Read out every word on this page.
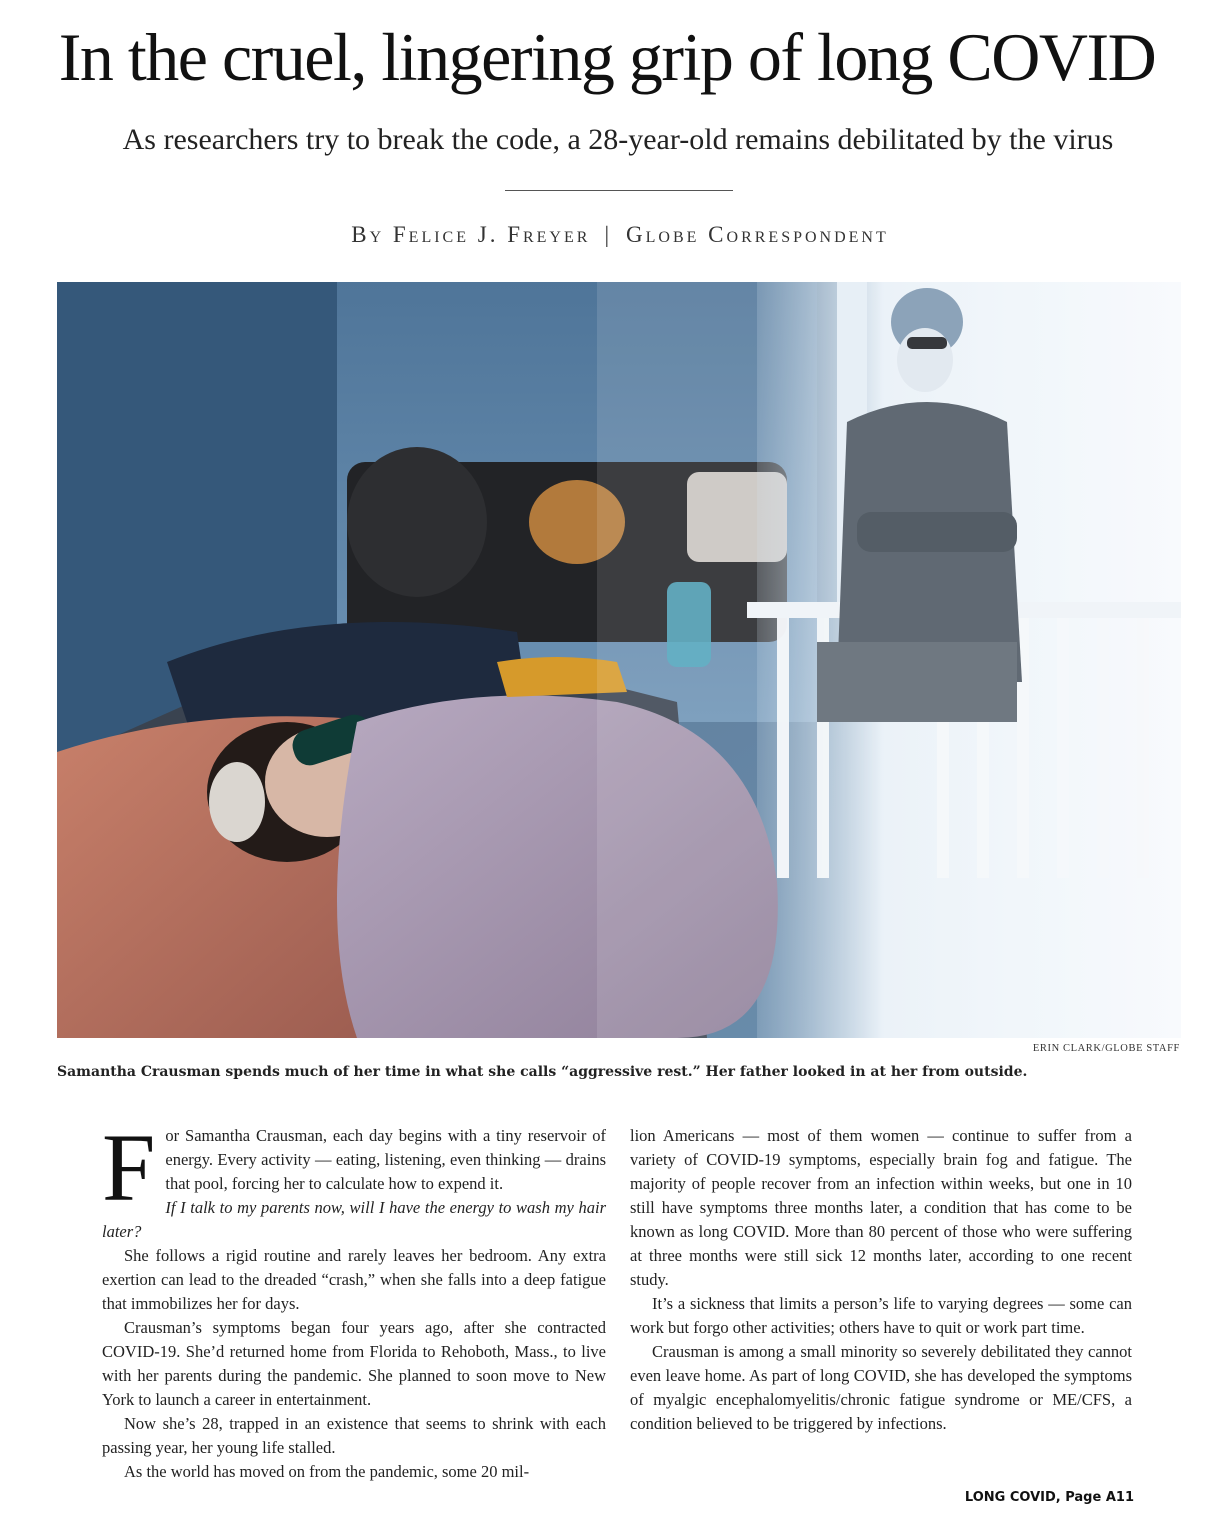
In the cruel, lingering grip of long COVID
As researchers try to break the code, a 28-year-old remains debilitated by the virus
By Felice J. Freyer | Globe Correspondent
ERIN CLARK/GLOBE STAFF
Samantha Crausman spends much of her time in what she calls “aggressive rest.” Her father looked in at her from outside.

For Samantha Crausman, each day begins with a tiny reservoir of energy. Every activity — eating, listening, even thinking — drains that pool, forcing her to calculate how to expend it.

If I talk to my parents now, will I have the energy to wash my hair later?

She follows a rigid routine and rarely leaves her bedroom. Any extra exertion can lead to the dreaded “crash,” when she falls into a deep fatigue that immobilizes her for days.

Crausman’s symptoms began four years ago, after she contracted COVID-19. She’d returned home from Florida to Rehoboth, Mass., to live with her parents during the pandemic. She planned to soon move to New York to launch a career in entertainment.

Now she’s 28, trapped in an existence that seems to shrink with each passing year, her young life stalled.

As the world has moved on from the pandemic, some 20 mil-

lion Americans — most of them women — continue to suffer from a variety of COVID-19 symptoms, especially brain fog and fatigue. The majority of people recover from an infection within weeks, but one in 10 still have symptoms three months later, a condition that has come to be known as long COVID. More than 80 percent of those who were suffering at three months were still sick 12 months later, according to one recent study.

It’s a sickness that limits a person’s life to varying degrees — some can work but forgo other activities; others have to quit or work part time.

Crausman is among a small minority so severely debilitated they cannot even leave home. As part of long COVID, she has developed the symptoms of myalgic encephalomyelitis/chronic fatigue syndrome or ME/CFS, a condition believed to be triggered by infections.

LONG COVID, Page A11
